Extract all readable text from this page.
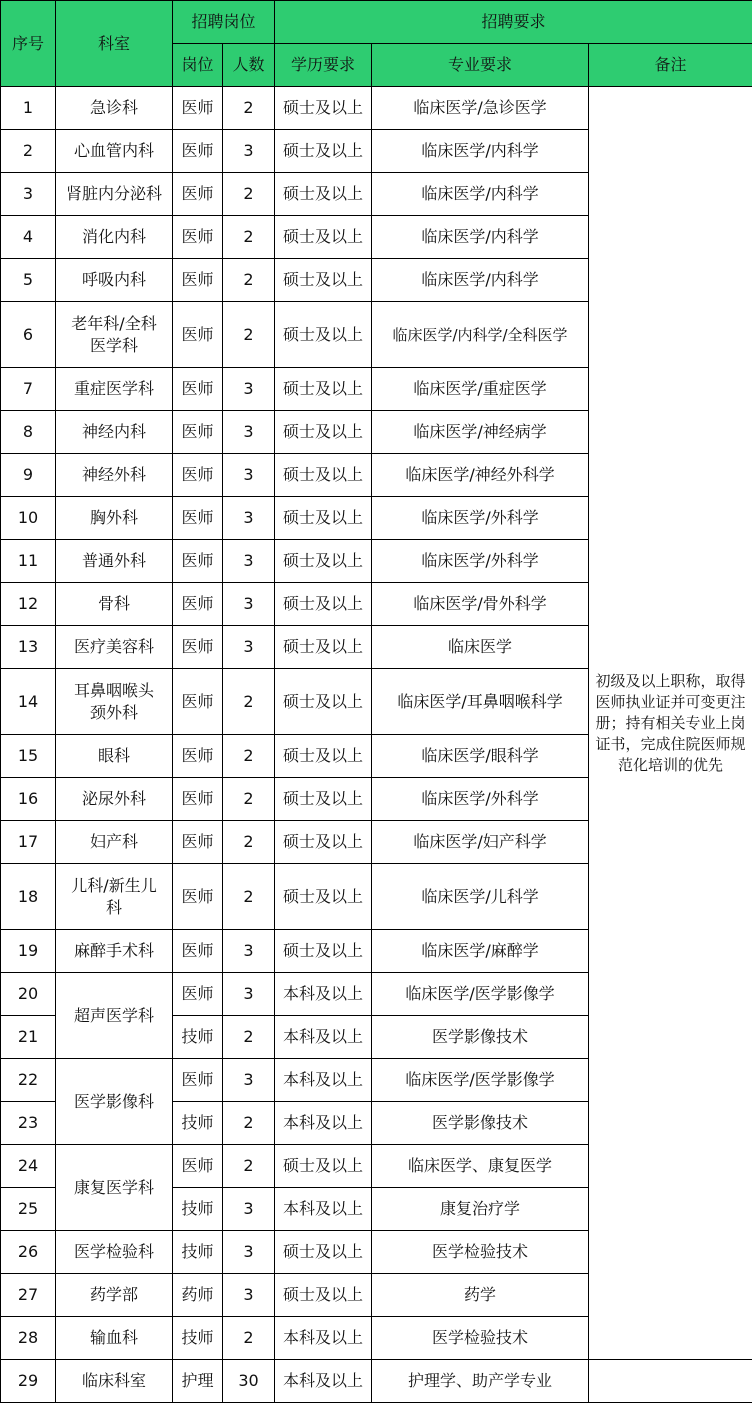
序号	科室	招聘岗位		招聘要求		
		岗位	人数	学历要求	专业要求	备注
1	急诊科	医师	2	硕士及以上	临床医学/急诊医学	初级及以上职称，取得医师执业证并可变更注册；持有相关专业上岗证书，完成住院医师规范化培训的优先
2	心血管内科	医师	3	硕士及以上	临床医学/内科学	
3	肾脏内分泌科	医师	2	硕士及以上	临床医学/内科学	
4	消化内科	医师	2	硕士及以上	临床医学/内科学	
5	呼吸内科	医师	2	硕士及以上	临床医学/内科学	
6	老年科/全科医学科	医师	2	硕士及以上	临床医学/内科学/全科医学	
7	重症医学科	医师	3	硕士及以上	临床医学/重症医学	
8	神经内科	医师	3	硕士及以上	临床医学/神经病学	
9	神经外科	医师	3	硕士及以上	临床医学/神经外科学	
10	胸外科	医师	3	硕士及以上	临床医学/外科学	
11	普通外科	医师	3	硕士及以上	临床医学/外科学	
12	骨科	医师	3	硕士及以上	临床医学/骨外科学	
13	医疗美容科	医师	3	硕士及以上	临床医学	
14	耳鼻咽喉头颈外科	医师	2	硕士及以上	临床医学/耳鼻咽喉科学	
15	眼科	医师	2	硕士及以上	临床医学/眼科学	
16	泌尿外科	医师	2	硕士及以上	临床医学/外科学	
17	妇产科	医师	2	硕士及以上	临床医学/妇产科学	
18	儿科/新生儿科	医师	2	硕士及以上	临床医学/儿科学	
19	麻醉手术科	医师	3	硕士及以上	临床医学/麻醉学	
20	超声医学科	医师	3	本科及以上	临床医学/医学影像学	
21		技师	2	本科及以上	医学影像技术	
22	医学影像科	医师	3	本科及以上	临床医学/医学影像学	
23		技师	2	本科及以上	医学影像技术	
24	康复医学科	医师	2	硕士及以上	临床医学、康复医学	
25		技师	3	本科及以上	康复治疗学	
26	医学检验科	技师	3	硕士及以上	医学检验技术	
27	药学部	药师	3	硕士及以上	药学	
28	输血科	技师	2	本科及以上	医学检验技术	
29	临床科室	护理	30	本科及以上	护理学、助产学专业	
